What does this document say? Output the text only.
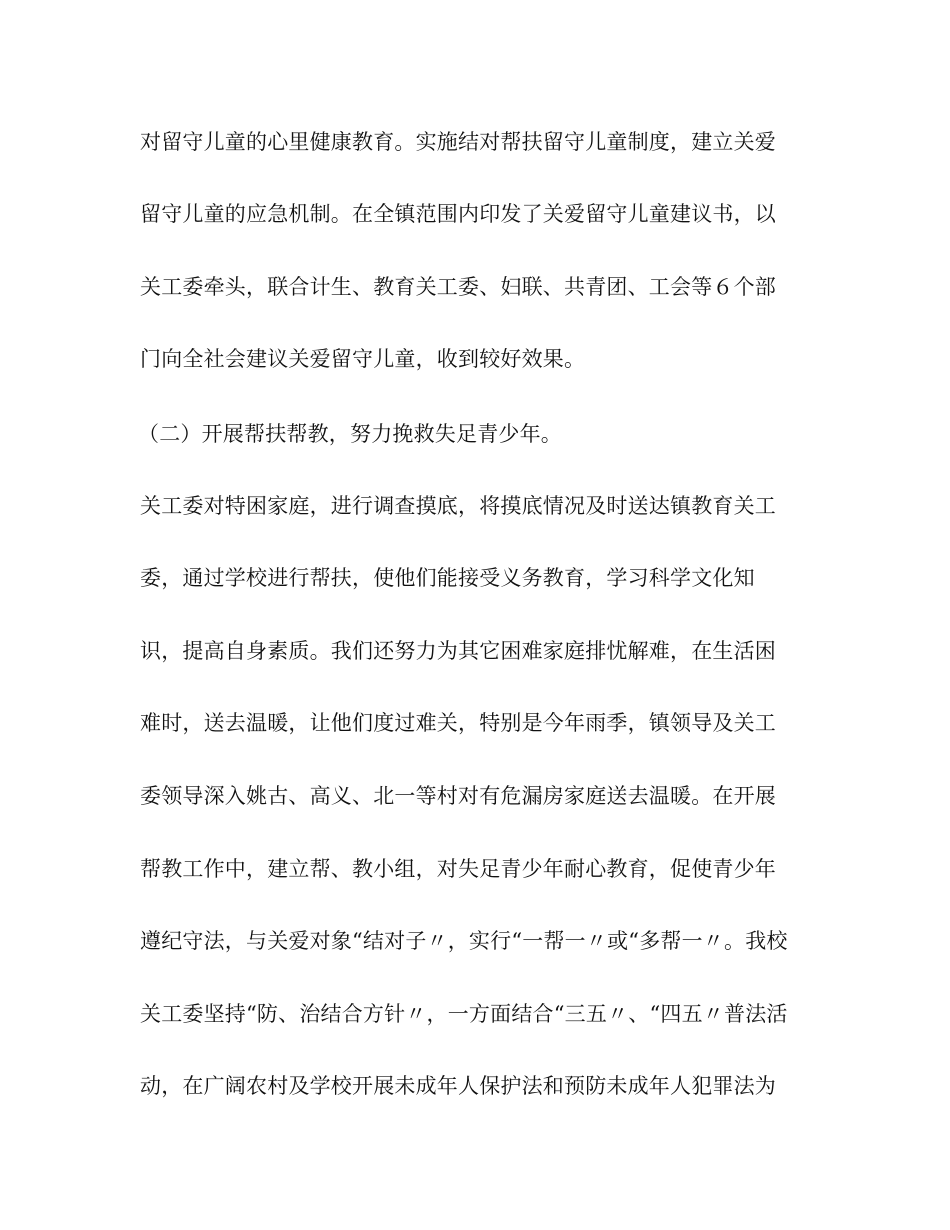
对留守儿童的心里健康教育。实施结对帮扶留守儿童制度，建立关爱
留守儿童的应急机制。在全镇范围内印发了关爱留守儿童建议书，以
关工委牵头，联合计生、教育关工委、妇联、共青团、工会等６个部
门向全社会建议关爱留守儿童，收到较好效果。
（二）开展帮扶帮教，努力挽救失足青少年。
关工委对特困家庭，进行调查摸底，将摸底情况及时送达镇教育关工
委，通过学校进行帮扶，使他们能接受义务教育，学习科学文化知
识，提高自身素质。我们还努力为其它困难家庭排忧解难，在生活困
难时，送去温暖，让他们度过难关，特别是今年雨季，镇领导及关工
委领导深入姚古、高义、北一等村对有危漏房家庭送去温暖。在开展
帮教工作中，建立帮、教小组，对失足青少年耐心教育，促使青少年
遵纪守法，与关爱对象“结对子〃，实行“一帮一〃或“多帮一〃。我校
关工委坚持“防、治结合方针〃，一方面结合“三五〃、“四五〃普法活
动，在广阔农村及学校开展未成年人保护法和预防未成年人犯罪法为
